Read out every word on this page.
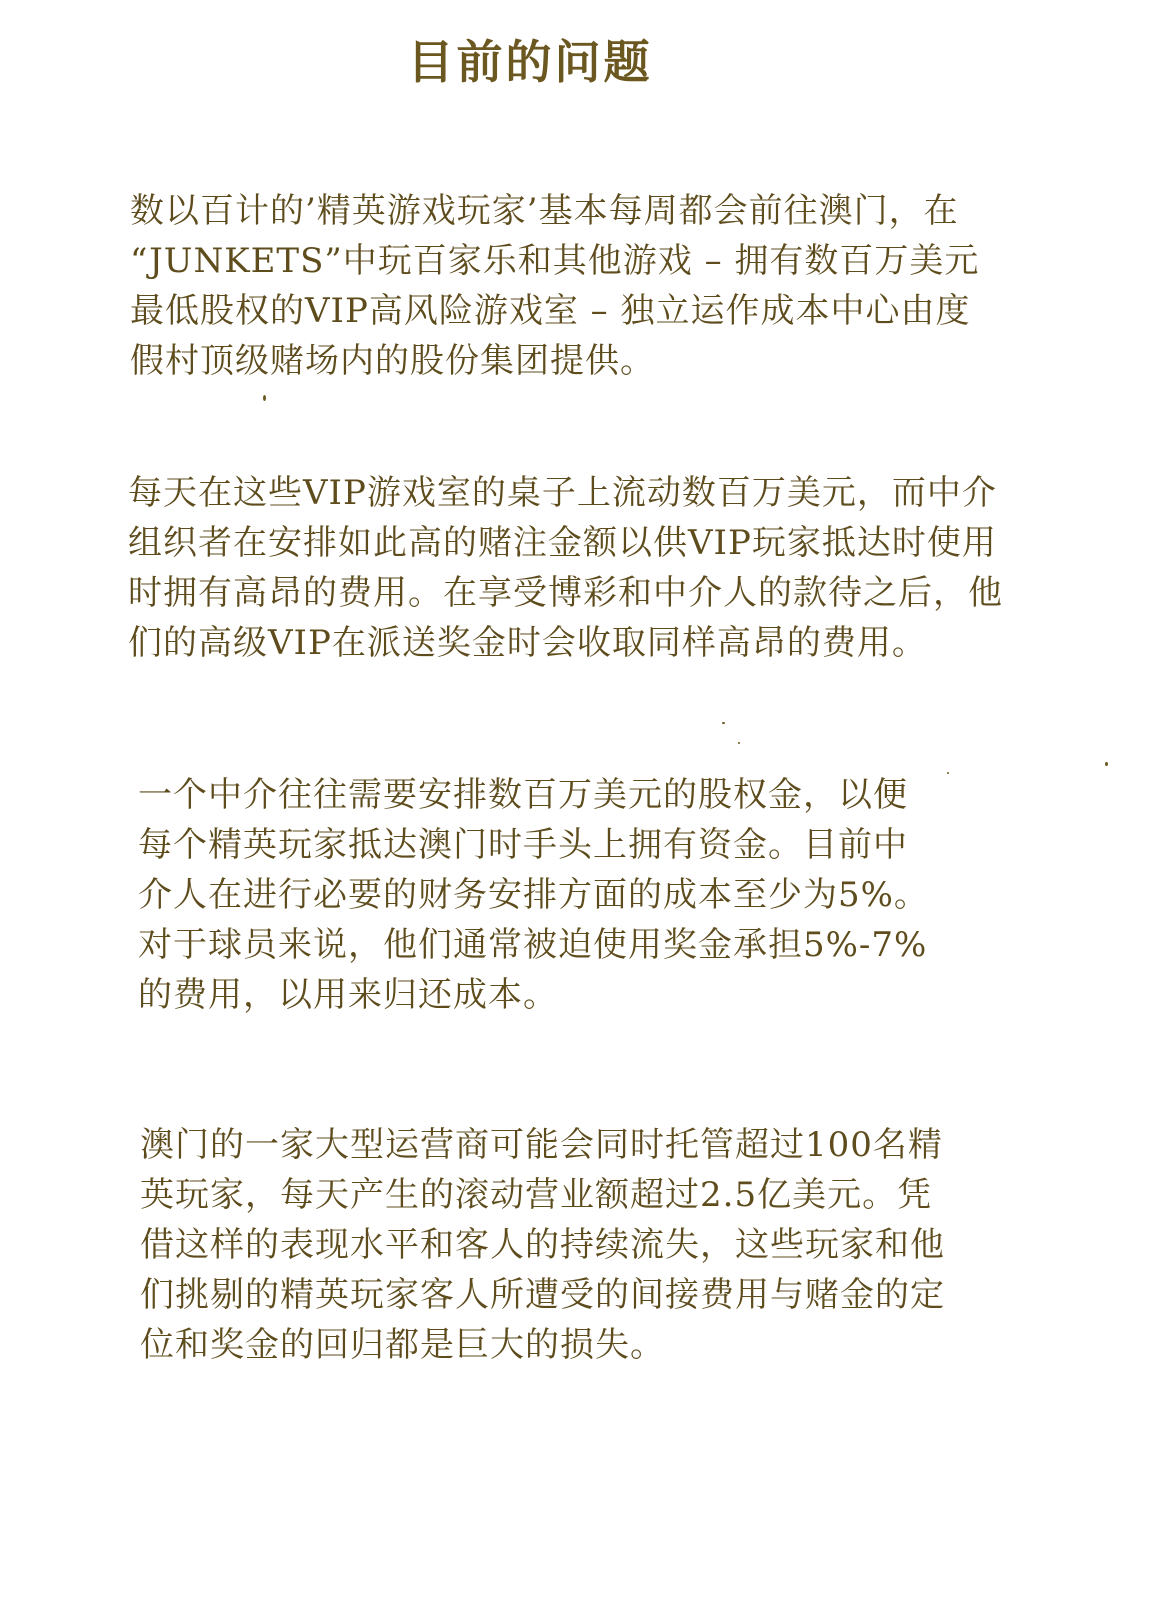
目前的问题
数以百计的’精英游戏玩家’基本每周都会前往澳门，在
“JUNKETS”中玩百家乐和其他游戏 – 拥有数百万美元
最低股权的VIP高风险游戏室 – 独立运作成本中心由度
假村顶级赌场内的股份集团提供。
每天在这些VIP游戏室的桌子上流动数百万美元，而中介
组织者在安排如此高的赌注金额以供VIP玩家抵达时使用
时拥有高昂的费用。在享受博彩和中介人的款待之后，他
们的高级VIP在派送奖金时会收取同样高昂的费用。
一个中介往往需要安排数百万美元的股权金，以便
每个精英玩家抵达澳门时手头上拥有资金。目前中
介人在进行必要的财务安排方面的成本至少为5%。
对于球员来说，他们通常被迫使用奖金承担5%-7%
的费用，以用来归还成本。
澳门的一家大型运营商可能会同时托管超过100名精
英玩家，每天产生的滚动营业额超过2.5亿美元。凭
借这样的表现水平和客人的持续流失，这些玩家和他
们挑剔的精英玩家客人所遭受的间接费用与赌金的定
位和奖金的回归都是巨大的损失。
